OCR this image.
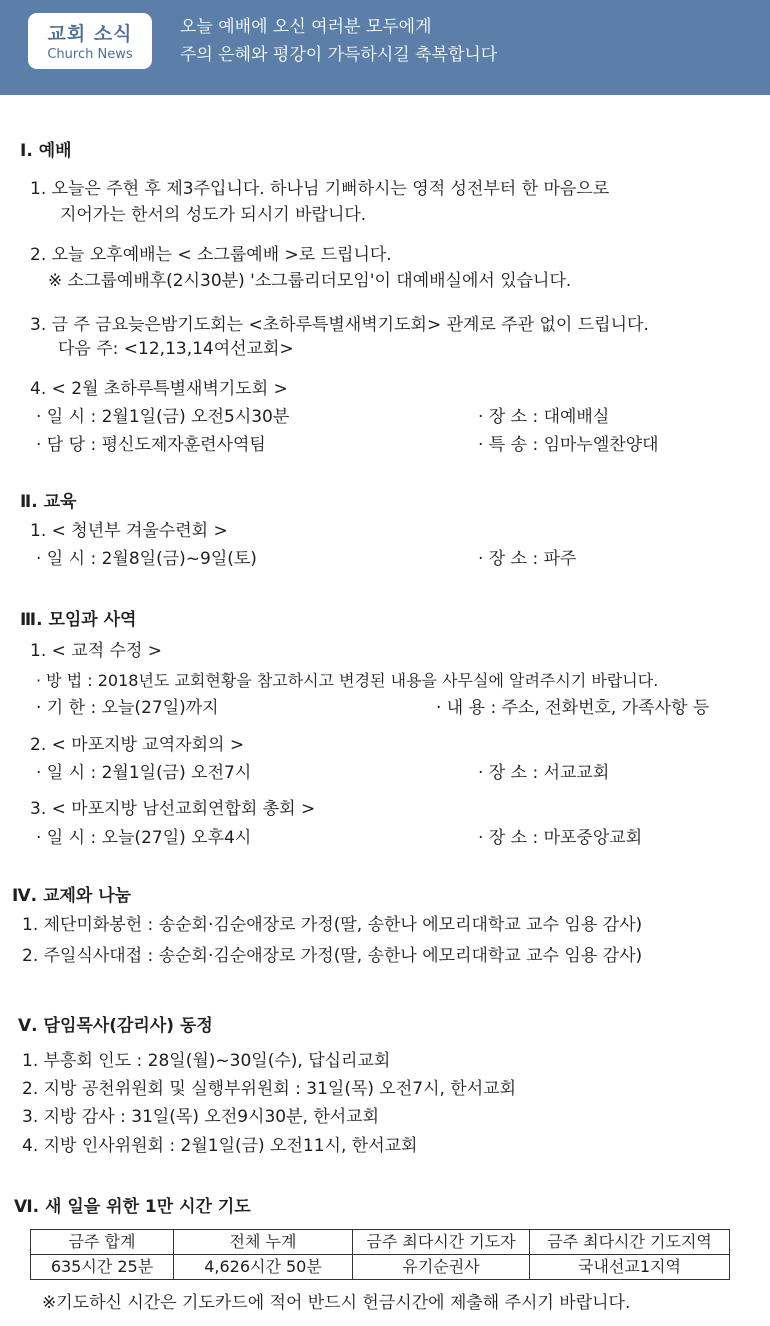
교회 소식
Church News
오늘 예배에 오신 여러분 모두에게
주의 은혜와 평강이 가득하시길 축복합니다
Ⅰ. 예배
1. 오늘은 주현 후 제3주입니다. 하나님 기뻐하시는 영적 성전부터 한 마음으로
지어가는 한서의 성도가 되시기 바랍니다.
2. 오늘 오후예배는 < 소그룹예배 >로 드립니다.
※ 소그룹예배후(2시30분) '소그룹리더모임'이 대예배실에서 있습니다.
3. 금 주 금요늦은밤기도회는 <초하루특별새벽기도회> 관계로 주관 없이 드립니다.
다음 주: <12,13,14여선교회>
4. < 2월 초하루특별새벽기도회 >
· 일 시 : 2월1일(금) 오전5시30분	· 장 소 : 대예배실
· 담 당 : 평신도제자훈련사역팀	· 특 송 : 임마누엘찬양대
Ⅱ. 교육
1. < 청년부 겨울수련회 >
· 일 시 : 2월8일(금)~9일(토)	· 장 소 : 파주
Ⅲ. 모임과 사역
1. < 교적 수정 >
· 방 법 : 2018년도 교회현황을 참고하시고 변경된 내용을 사무실에 알려주시기 바랍니다.
· 기 한 : 오늘(27일)까지	· 내 용 : 주소, 전화번호, 가족사항 등
2. < 마포지방 교역자회의 >
· 일 시 : 2월1일(금) 오전7시	· 장 소 : 서교교회
3. < 마포지방 남선교회연합회 총회 >
· 일 시 : 오늘(27일) 오후4시	· 장 소 : 마포중앙교회
Ⅳ. 교제와 나눔
1. 제단미화봉헌 : 송순회·김순애장로 가정(딸, 송한나 에모리대학교 교수 임용 감사)
2. 주일식사대접 : 송순회·김순애장로 가정(딸, 송한나 에모리대학교 교수 임용 감사)
Ⅴ. 담임목사(감리사) 동정
1. 부흥회 인도 : 28일(월)~30일(수), 답십리교회
2. 지방 공천위원회 및 실행부위원회 : 31일(목) 오전7시, 한서교회
3. 지방 감사 : 31일(목) 오전9시30분, 한서교회
4. 지방 인사위원회 : 2월1일(금) 오전11시, 한서교회
Ⅵ. 새 일을 위한 1만 시간 기도
금주 합계	전체 누계	금주 최다시간 기도자	금주 최다시간 기도지역
635시간 25분	4,626시간 50분	유기순권사	국내선교1지역
※기도하신 시간은 기도카드에 적어 반드시 헌금시간에 제출해 주시기 바랍니다.
